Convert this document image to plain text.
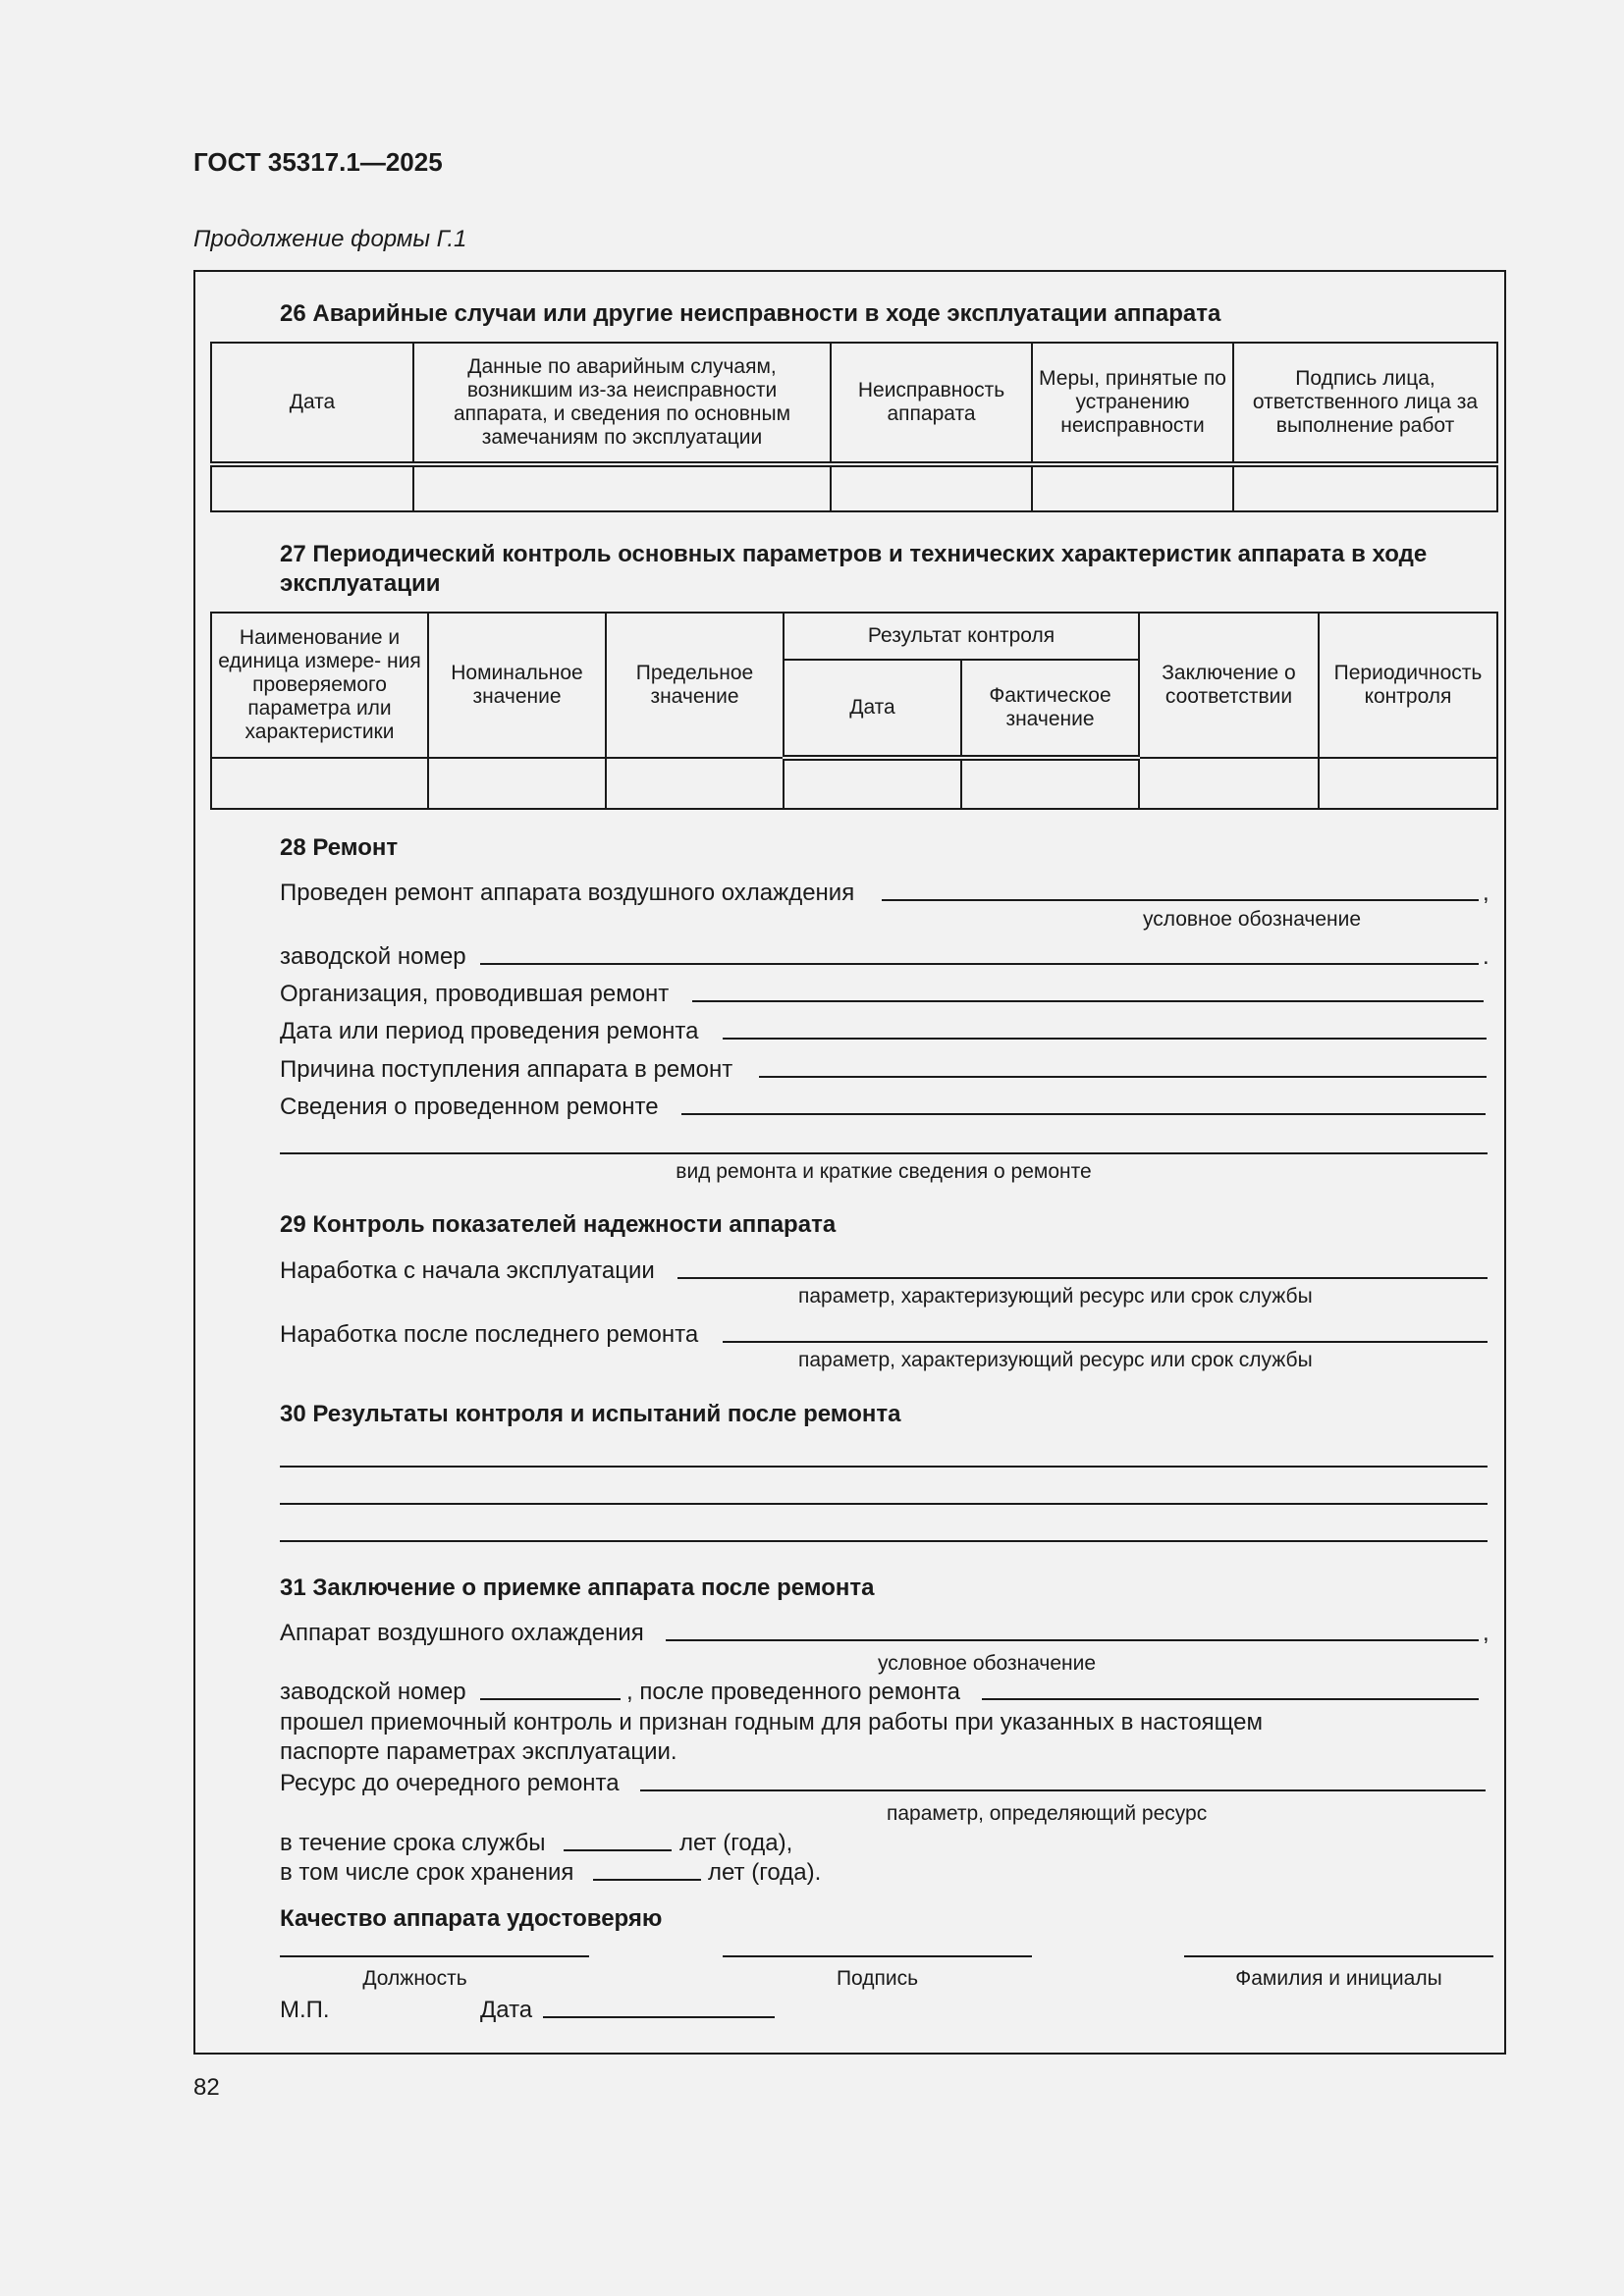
ГОСТ 35317.1—2025
Продолжение формы Г.1
26 Аварийные случаи или другие неисправности в ходе эксплуатации аппарата
Дата	Данные по аварийным случаям, возникшим из-за неисправности аппарата, и сведения по основным замечаниям по эксплуатации	Неисправность аппарата	Меры, принятые по устранению неисправности	Подпись лица, ответственного лица за выполнение работ

27 Периодический контроль основных параметров и технических характеристик аппарата в ходе
эксплуатации
Наименование и единица измере- ния проверяемого параметра или характеристики	Номинальное значение	Предельное значение	Результат контроля		Заключение о соответствии	Периодичность контроля
			Дата	Фактическое значение		

28 Ремонт
Проведен ремонт аппарата воздушного охлаждения	,
условное обозначение
заводской номер	.
Организация, проводившая ремонт
Дата или период проведения ремонта
Причина поступления аппарата в ремонт
Сведения о проведенном ремонте
вид ремонта и краткие сведения о ремонте
29 Контроль показателей надежности аппарата
Наработка с начала эксплуатации
параметр, характеризующий ресурс или срок службы
Наработка после последнего ремонта
параметр, характеризующий ресурс или срок службы
30 Результаты контроля и испытаний после ремонта
31 Заключение о приемке аппарата после ремонта
Аппарат воздушного охлаждения	,
условное обозначение
заводской номер	, после проведенного ремонта
прошел приемочный контроль и признан годным для работы при указанных в настоящем
паспорте параметрах эксплуатации.
Ресурс до очередного ремонта
параметр, определяющий ресурс
в течение срока службы	лет (года),
в том числе срок хранения	лет (года).
Качество аппарата удостоверяю
Должность	Подпись	Фамилия и инициалы
М.П.	Дата
82
